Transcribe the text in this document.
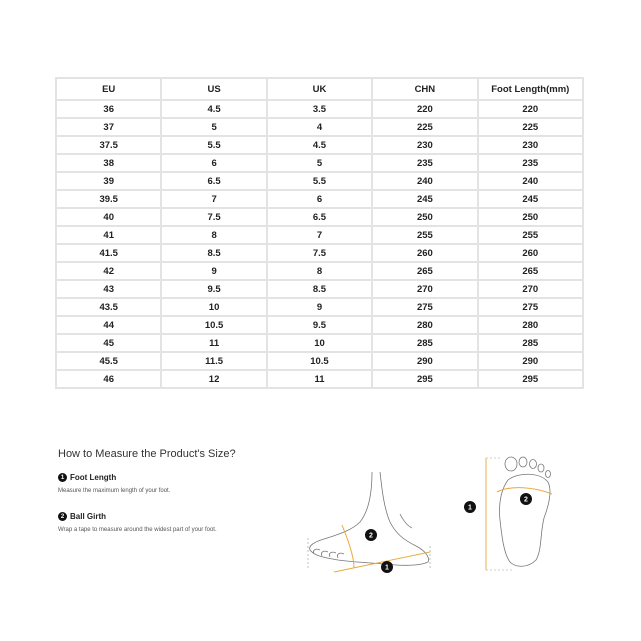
EU	US	UK	CHN	Foot Length(mm)
36	4.5	3.5	220	220
37	5	4	225	225
37.5	5.5	4.5	230	230
38	6	5	235	235
39	6.5	5.5	240	240
39.5	7	6	245	245
40	7.5	6.5	250	250
41	8	7	255	255
41.5	8.5	7.5	260	260
42	9	8	265	265
43	9.5	8.5	270	270
43.5	10	9	275	275
44	10.5	9.5	280	280
45	11	10	285	285
45.5	11.5	10.5	290	290
46	12	11	295	295
How to Measure the Product's Size?
1 Foot Length
Measure the maximum length of your foot.
2 Ball Girth
Wrap a tape to measure around the widest part of your foot.
2
1
1
2
